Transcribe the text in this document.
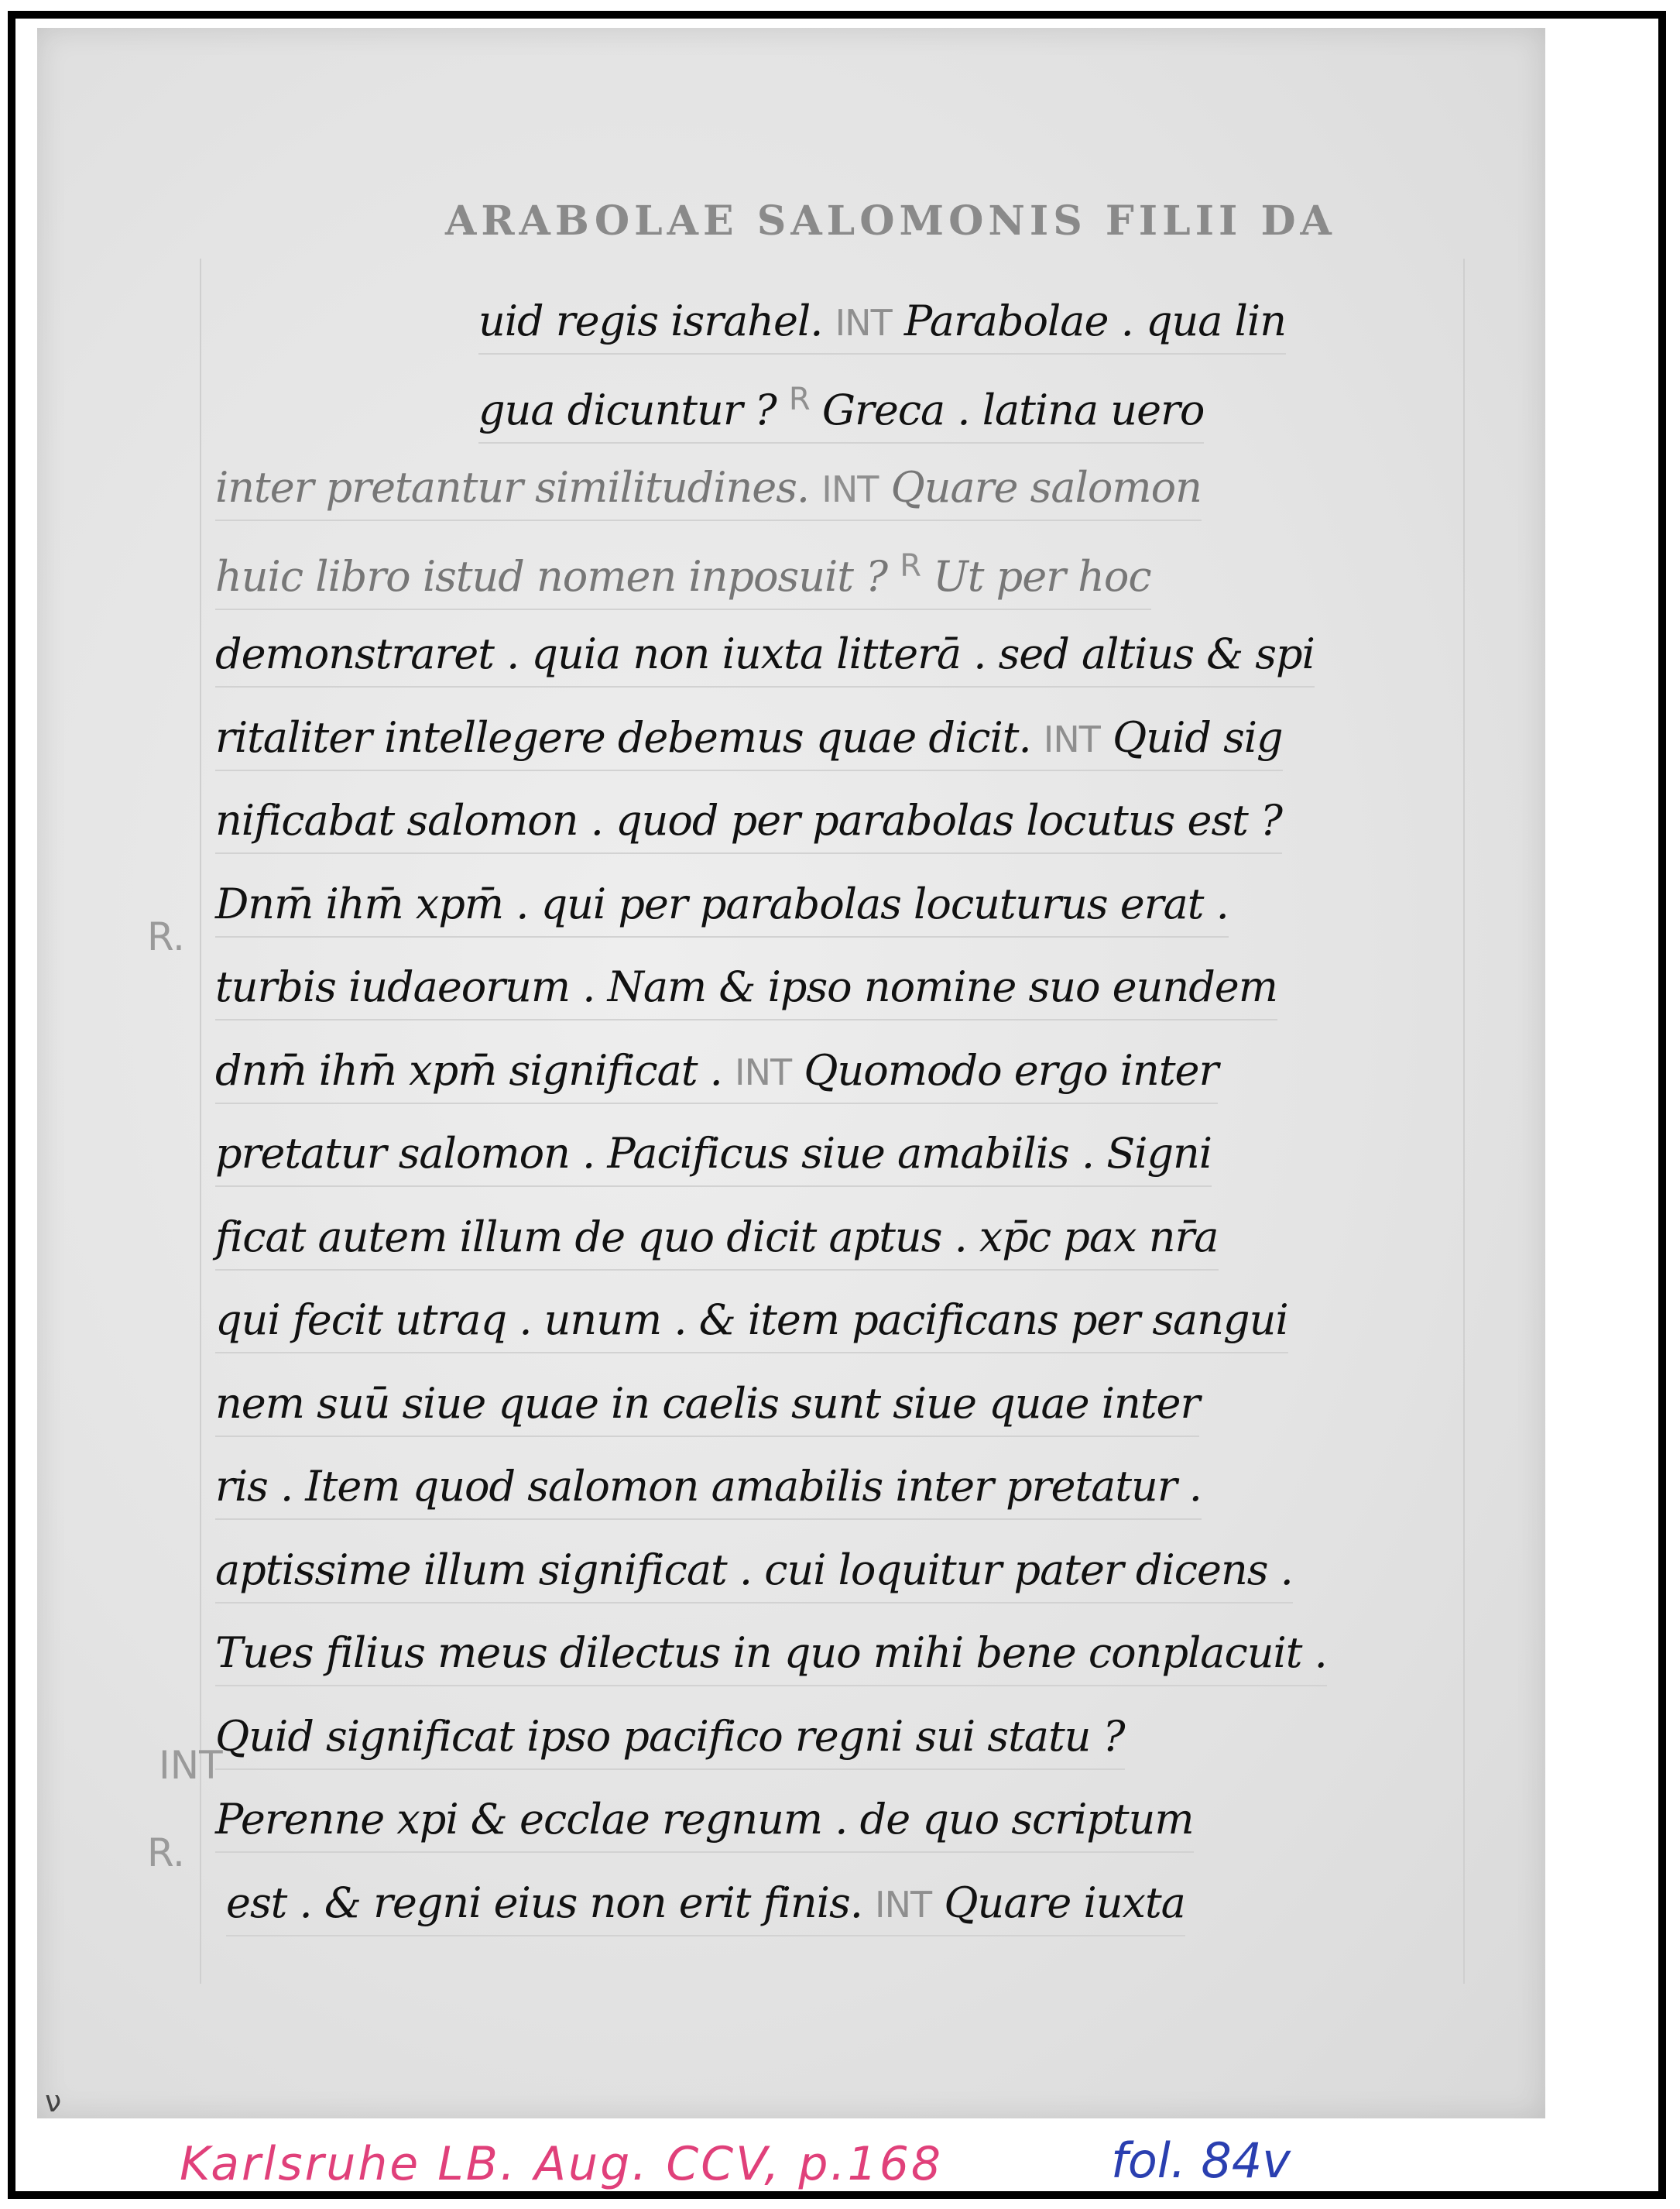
ARABOLAE SALOMONIS FILII DA
uid regis israhel. INT Parabolae . qua lin
gua dicuntur ? $^R$ Greca . latina uero
inter pretantur similitudines. INT Quare salomon
huic libro istud nomen inposuit ? $^R$ Ut per hoc
demonstraret . quia non iuxta litterā . sed altius & spi
ritaliter intellegere debemus quae dicit. INT Quid sig
nificabat salomon . quod per parabolas locutus est ?
Dnm̄ ihm̄ xpm̄ . qui per parabolas locuturus erat .
turbis iudaeorum . Nam & ipso nomine suo eundem
dnm̄ ihm̄ xpm̄ significat . INT Quomodo ergo inter
pretatur salomon . Pacificus siue amabilis . Signi
ficat autem illum de quo dicit aptus . xp̄c pax nr̄a
qui fecit utraq . unum . & item pacificans per sangui
nem suū siue quae in caelis sunt siue quae inter
ris . Item quod salomon amabilis inter pretatur .
aptissime illum significat . cui loquitur pater dicens .
Tues filius meus dilectus in quo mihi bene conplacuit .
Quid significat ipso pacifico regni sui statu ?
Perenne xpi & ecclae regnum . de quo scriptum
est . & regni eius non erit finis. INT Quare iuxta
R.
INT
R.
Karlsruhe LB. Aug. CCV, p.168	fol. 84v
ν
